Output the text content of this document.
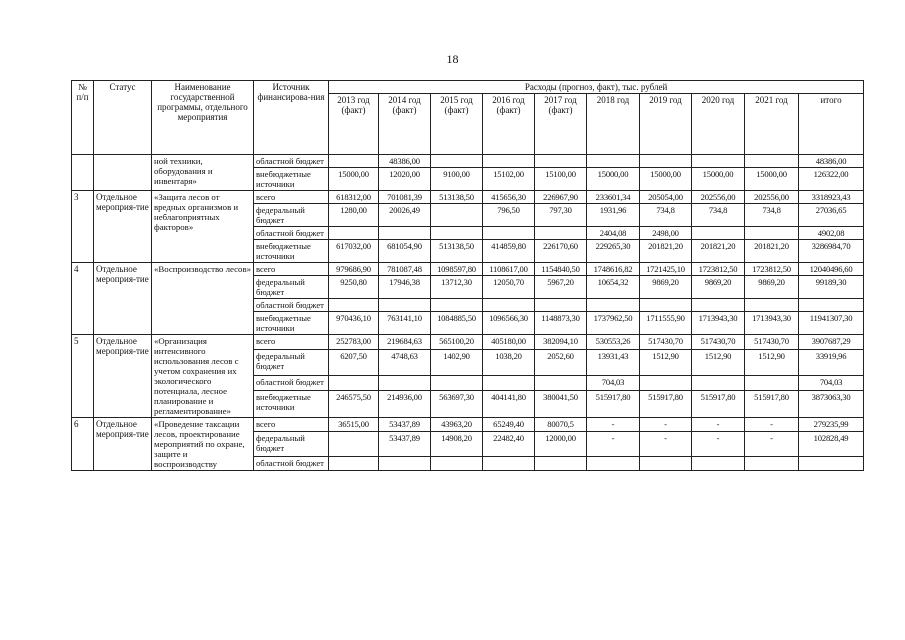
18
№ п/п	Статус	Наименование государственной программы, отдельного мероприятия	Источник финансирова-ния	Расходы (прогноз, факт), тыс. рублей									
				2013 год (факт)	2014 год (факт)	2015 год (факт)	2016 год (факт)	2017 год (факт)	2018 год	2019 год	2020 год	2021 год	итого
		ной техники, оборудования и инвентаря»	областной бюджет		48386,00								48386,00
			внебюджетные источники	15000,00	12020,00	9100,00	15102,00	15100,00	15000,00	15000,00	15000,00	15000,00	126322,00
3	Отдельное мероприя-тие	«Защита лесов от вредных организмов и неблагоприятных факторов»	всего	618312,00	701081,39	513138,50	415656,30	226967,90	233601,34	205054,00	202556,00	202556,00	3318923,43
			федеральный бюджет	1280,00	20026,49		796,50	797,30	1931,96	734,8	734,8	734,8	27036,65
			областной бюджет						2404,08	2498,00			4902,08
			внебюджетные источники	617032,00	681054,90	513138,50	414859,80	226170,60	229265,30	201821,20	201821,20	201821,20	3286984,70
4	Отдельное мероприя-тие	«Воспроизводство лесов»	всего	979686,90	781087,48	1098597,80	1108617,00	1154840,50	1748616,82	1721425,10	1723812,50	1723812,50	12040496,60
			федеральный бюджет	9250,80	17946,38	13712,30	12050,70	5967,20	10654,32	9869,20	9869,20	9869,20	99189,30
			областной бюджет										
			внебюджетные источники	970436,10	763141,10	1084885,50	1096566,30	1148873,30	1737962,50	1711555,90	1713943,30	1713943,30	11941307,30
5	Отдельное мероприя-тие	«Организация интенсивного использования лесов с учетом сохранения их экологического потенциала, лесное планирование и регламентирование»	всего	252783,00	219684,63	565100,20	405180,00	382094,10	530553,26	517430,70	517430,70	517430,70	3907687,29
			федеральный бюджет	6207,50	4748,63	1402,90	1038,20	2052,60	13931,43	1512,90	1512,90	1512,90	33919,96
			областной бюджет						704,03				704,03
			внебюджетные источники	246575,50	214936,00	563697,30	404141,80	380041,50	515917,80	515917,80	515917,80	515917,80	3873063,30
6	Отдельное мероприя-тие	«Проведение таксации лесов, проектирование мероприятий по охране, защите и воспроизводству	всего	36515,00	53437,89	43963,20	65249,40	80070,5	-	-	-	-	279235,99
			федеральный бюджет		53437,89	14908,20	22482,40	12000,00	-	-	-	-	102828,49
			областной бюджет										
